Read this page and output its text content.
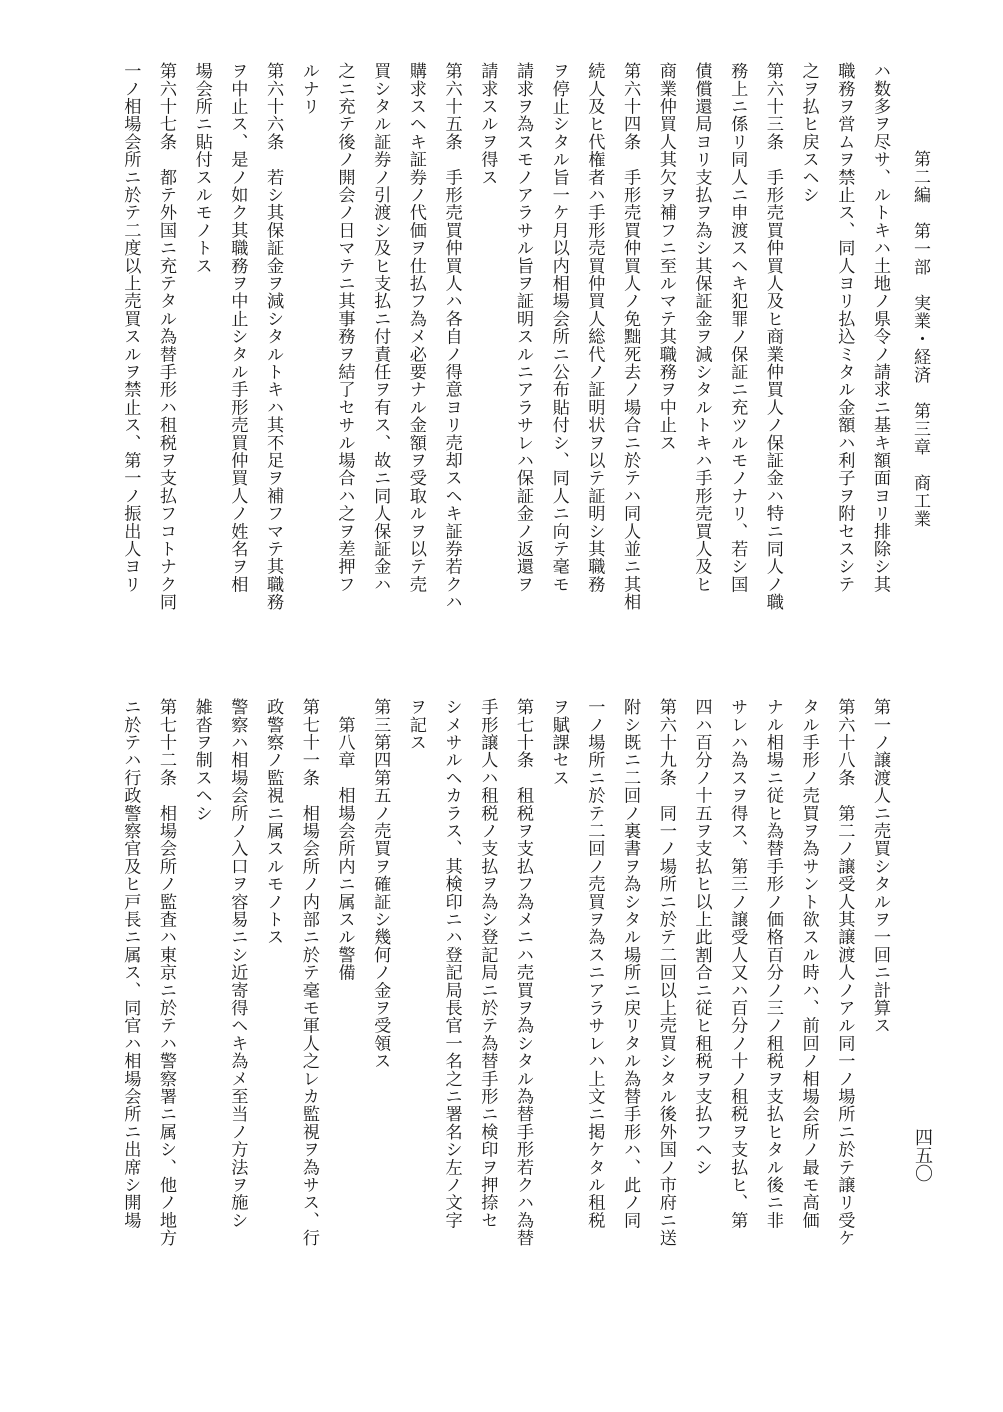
第二編　第一部　実業・経済　第三章　商工業
四五〇
ハ数多ヲ尽サ、ルトキハ土地ノ県令ノ請求ニ基キ額面ヨリ排除シ其
職務ヲ営ムヲ禁止ス、同人ヨリ払込ミタル金額ハ利子ヲ附セスシテ
之ヲ払ヒ戻スヘシ
第六十三条　手形売買仲買人及ヒ商業仲買人ノ保証金ハ特ニ同人ノ職
務上ニ係リ同人ニ申渡スヘキ犯罪ノ保証ニ充ツルモノナリ、若シ国
債償還局ヨリ支払ヲ為シ其保証金ヲ減シタルトキハ手形売買人及ヒ
商業仲買人其欠ヲ補フニ至ルマテ其職務ヲ中止ス
第六十四条　手形売買仲買人ノ免黜死去ノ場合ニ於テハ同人並ニ其相
続人及ヒ代権者ハ手形売買仲買人総代ノ証明状ヲ以テ証明シ其職務
ヲ停止シタル旨一ケ月以内相場会所ニ公布貼付シ、同人ニ向テ毫モ
請求ヲ為スモノアラサル旨ヲ証明スルニアラサレハ保証金ノ返還ヲ
請求スルヲ得ス
第六十五条　手形売買仲買人ハ各自ノ得意ヨリ売却スヘキ証券若クハ
購求スヘキ証券ノ代価ヲ仕払フ為メ必要ナル金額ヲ受取ルヲ以テ売
買シタル証券ノ引渡シ及ヒ支払ニ付責任ヲ有ス、故ニ同人保証金ハ
之ニ充テ後ノ開会ノ日マテニ其事務ヲ結了セサル場合ハ之ヲ差押フ
ルナリ
第六十六条　若シ其保証金ヲ減シタルトキハ其不足ヲ補フマテ其職務
ヲ中止ス、是ノ如ク其職務ヲ中止シタル手形売買仲買人ノ姓名ヲ相
場会所ニ貼付スルモノトス
第六十七条　都テ外国ニ充テタル為替手形ハ租税ヲ支払フコトナク同
一ノ相場会所ニ於テ二度以上売買スルヲ禁止ス、第一ノ振出人ヨリ
第一ノ譲渡人ニ売買シタルヲ一回ニ計算ス
第六十八条　第二ノ譲受人其譲渡人ノアル同一ノ場所ニ於テ譲リ受ケ
タル手形ノ売買ヲ為サント欲スル時ハ、前回ノ相場会所ノ最モ高価
ナル相場ニ従ヒ為替手形ノ価格百分ノ三ノ租税ヲ支払ヒタル後ニ非
サレハ為スヲ得ス、第三ノ譲受人又ハ百分ノ十ノ租税ヲ支払ヒ、第
四ハ百分ノ十五ヲ支払ヒ以上此割合ニ従ヒ租税ヲ支払フヘシ
第六十九条　同一ノ場所ニ於テ二回以上売買シタル後外国ノ市府ニ送
附シ既ニ二回ノ裏書ヲ為シタル場所ニ戻リタル為替手形ハ、此ノ同
一ノ場所ニ於テ二回ノ売買ヲ為スニアラサレハ上文ニ掲ケタル租税
ヲ賦課セス
第七十条　租税ヲ支払フ為メニハ売買ヲ為シタル為替手形若クハ為替
手形譲人ハ租税ノ支払ヲ為シ登記局ニ於テ為替手形ニ検印ヲ押捺セ
シメサルヘカラス、其検印ニハ登記局長官一名之ニ署名シ左ノ文字
ヲ記ス
第三第四第五ノ売買ヲ確証シ幾何ノ金ヲ受領ス
　第八章　相場会所内ニ属スル警備
第七十一条　相場会所ノ内部ニ於テ毫モ軍人之レカ監視ヲ為サス、行
政警察ノ監視ニ属スルモノトス
警察ハ相場会所ノ入口ヲ容易ニシ近寄得ヘキ為メ至当ノ方法ヲ施シ
雑沓ヲ制スヘシ
第七十二条　相場会所ノ監査ハ東京ニ於テハ警察署ニ属シ、他ノ地方
ニ於テハ行政警察官及ヒ戸長ニ属ス、同官ハ相場会所ニ出席シ開場
